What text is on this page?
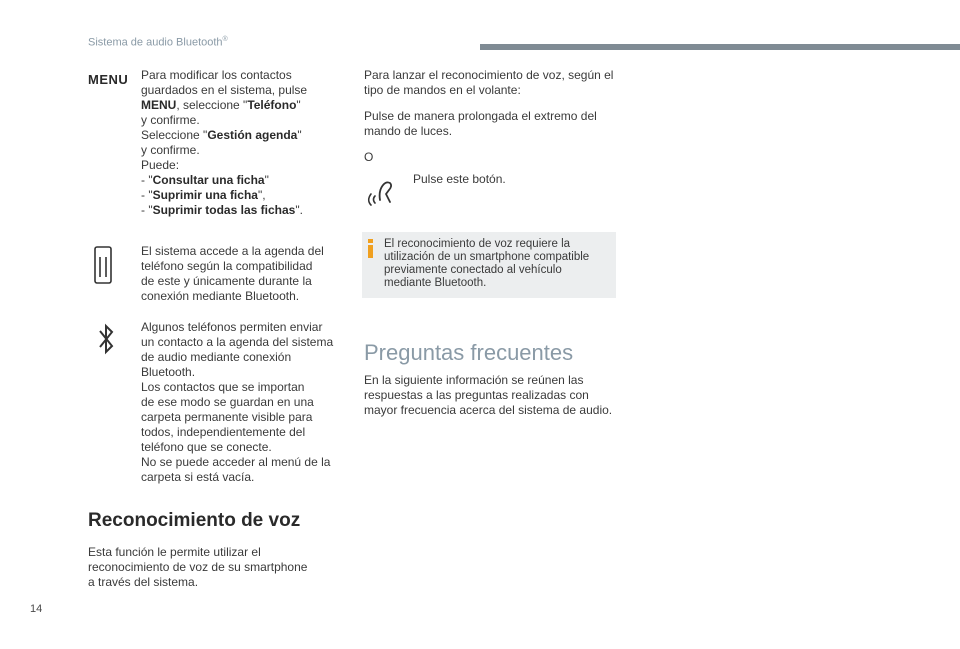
Sistema de audio Bluetooth®
MENU Para modificar los contactos
guardados en el sistema, pulse
MENU, seleccione "Teléfono"
y confirme.
Seleccione "Gestión agenda"
y confirme.
Puede:
- "Consultar una ficha"
- "Suprimir una ficha",
- "Suprimir todas las fichas".
El sistema accede a la agenda del
teléfono según la compatibilidad
de este y únicamente durante la
conexión mediante Bluetooth.
Algunos teléfonos permiten enviar
un contacto a la agenda del sistema
de audio mediante conexión
Bluetooth.
Los contactos que se importan
de ese modo se guardan en una
carpeta permanente visible para
todos, independientemente del
teléfono que se conecte.
No se puede acceder al menú de la
carpeta si está vacía.
Reconocimiento de voz
Esta función le permite utilizar el
reconocimiento de voz de su smartphone
a través del sistema.
Para lanzar el reconocimiento de voz, según el
tipo de mandos en el volante:
Pulse de manera prolongada el extremo del
mando de luces.
O
Pulse este botón.
El reconocimiento de voz requiere la
utilización de un smartphone compatible
previamente conectado al vehículo
mediante Bluetooth.
Preguntas frecuentes
En la siguiente información se reúnen las
respuestas a las preguntas realizadas con
mayor frecuencia acerca del sistema de audio.
14
